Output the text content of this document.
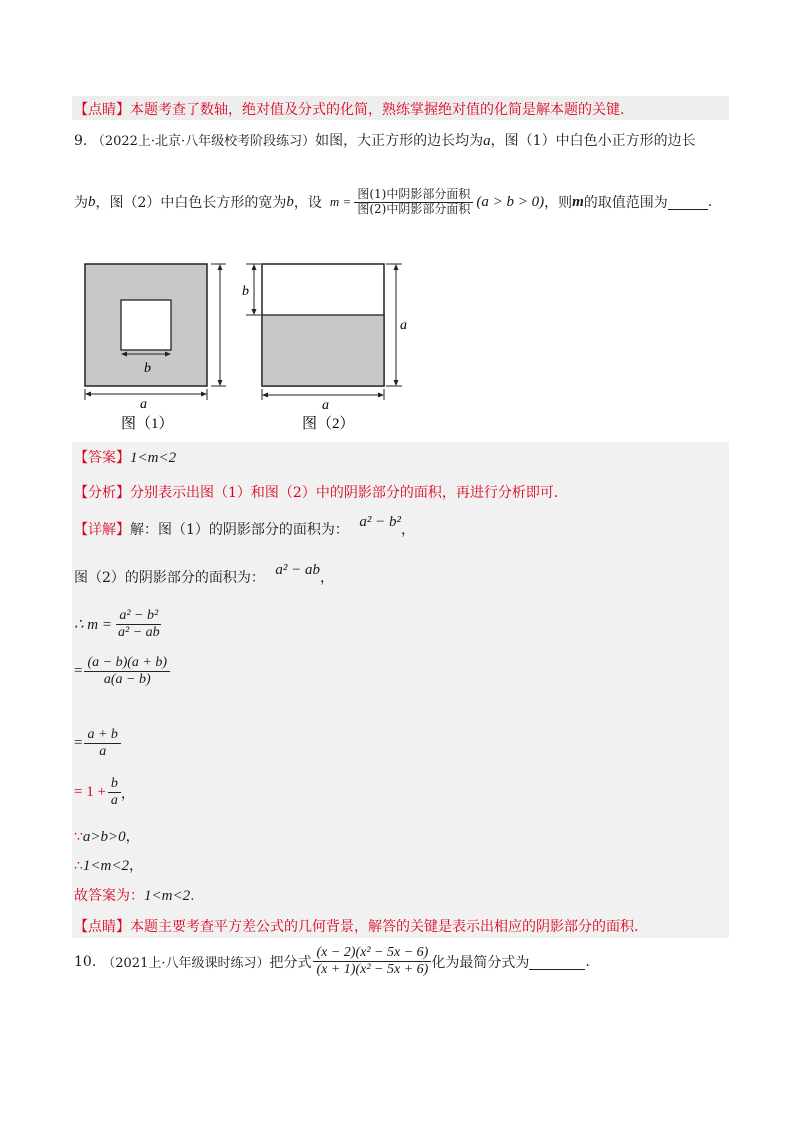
【点睛】本题考查了数轴，绝对值及分式的化简，熟练掌握绝对值的化简是解本题的关键.
9. （2022上·北京·八年级校考阶段练习）如图，大正方形的边长均为a，图（1）中白色小正方形的边长
为 b ，图（2）中白色长方形的宽为 b ，设 $m = \frac{\text{图(1)中阴影部分面积}}{\text{图(2)中阴影部分面积}} (a > b > 0)$ ，则 m 的取值范围为	.
b
a
图（1）
b
a
a
图（2）
【答案】1<m<2
【分析】分别表示出图（1）和图（2）中的阴影部分的面积，再进行分析即可.
【详解】解：图（1）的阴影部分的面积为： a² − b²，
图（2）的阴影部分的面积为： a² − ab，
∴ $m = \frac{\text{a² − b²}}{\text{a² − ab}}$
= $\frac{(a - b)(a + b)}{a(a - b)}$
= $\frac{a + b}{a}$
= $1 + \frac{b}{a}$ ，
∵a>b>0，
∴1<m<2，
故答案为：1<m<2.
【点睛】本题主要考查平方差公式的几何背景，解答的关键是表示出相应的阴影部分的面积.
10. （2021上·八年级课时练习） 把分式 $\frac{\text{(x − 2)(x² − 5x − 6)}}{\text{(x + 1)(x² − 5x + 6)}}$ 化为最简分式为	.
